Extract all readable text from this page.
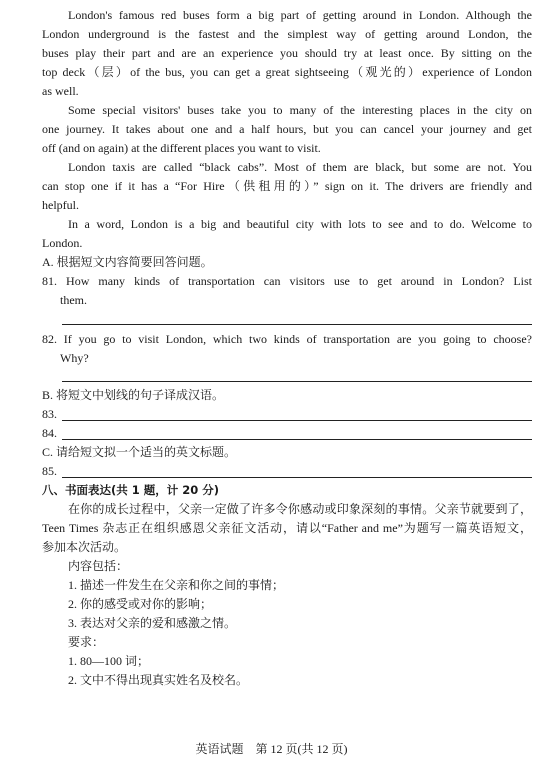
London's famous red buses form a big part of getting around in London. Although the
London underground is the fastest and the simplest way of getting around London, the
buses play their part and are an experience you should try at least once. By sitting on the
top deck（层）of the bus, you can get a great sightseeing（观光的）experience of London
as well.
Some special visitors' buses take you to many of the interesting places in the city on
one journey. It takes about one and a half hours, but you can cancel your journey and get
off (and on again) at the different places you want to visit.
London taxis are called “black cabs”. Most of them are black, but some are not. You
can stop one if it has a “For Hire（供租用的）” sign on it. The drivers are friendly and
helpful.
In a word, London is a big and beautiful city with lots to see and to do. Welcome to
London.
A. 根据短文内容简要回答问题。
81. How many kinds of transportation can visitors use to get around in London? List
them.
82. If you go to visit London, which two kinds of transportation are you going to choose?
Why?
B. 将短文中划线的句子译成汉语。
83.
84.
C. 请给短文拟一个适当的英文标题。
85.
八、书面表达(共 1 题，计 20 分)
在你的成长过程中，父亲一定做了许多令你感动或印象深刻的事情。父亲节就要到了，
Teen Times 杂志正在组织感恩父亲征文活动，请以“Father and me”为题写一篇英语短文，
参加本次活动。
内容包括：
1. 描述一件发生在父亲和你之间的事情；
2. 你的感受或对你的影响；
3. 表达对父亲的爱和感激之情。
要求：
1. 80—100 词；
2. 文中不得出现真实姓名及校名。
英语试题　第 12 页(共 12 页)
